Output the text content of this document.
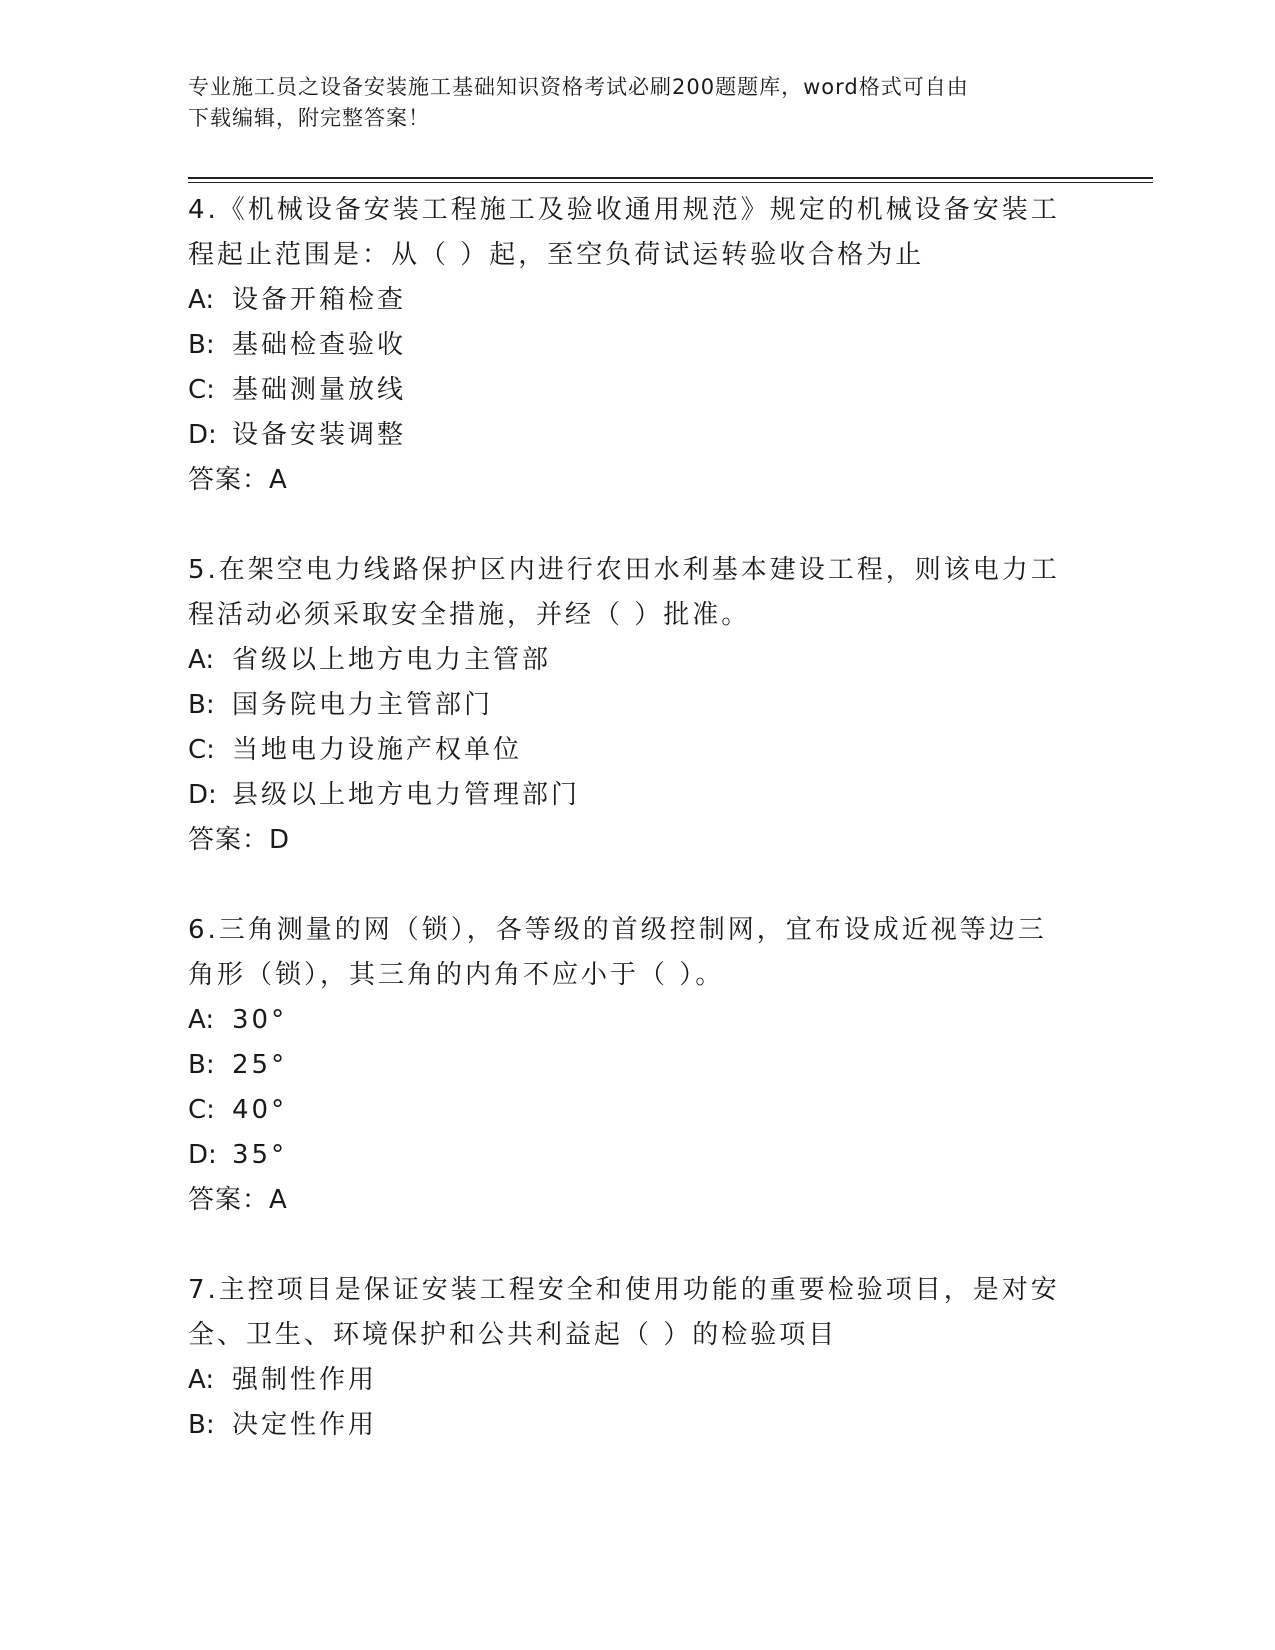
专业施工员之设备安装施工基础知识资格考试必刷200题题库，word格式可自由
下载编辑，附完整答案！
4.《机械设备安装工程施工及验收通用规范》规定的机械设备安装工
程起止范围是：从（ ）起，至空负荷试运转验收合格为止
A: 设备开箱检查
B: 基础检查验收
C: 基础测量放线
D: 设备安装调整
答案：A
5.在架空电力线路保护区内进行农田水利基本建设工程，则该电力工
程活动必须采取安全措施，并经（ ）批准。
A: 省级以上地方电力主管部
B: 国务院电力主管部门
C: 当地电力设施产权单位
D: 县级以上地方电力管理部门
答案：D
6.三角测量的网（锁），各等级的首级控制网，宜布设成近视等边三
角形（锁），其三角的内角不应小于（ ）。
A: 30°
B: 25°
C: 40°
D: 35°
答案：A
7.主控项目是保证安装工程安全和使用功能的重要检验项目，是对安
全、卫生、环境保护和公共利益起（ ）的检验项目
A: 强制性作用
B: 决定性作用
